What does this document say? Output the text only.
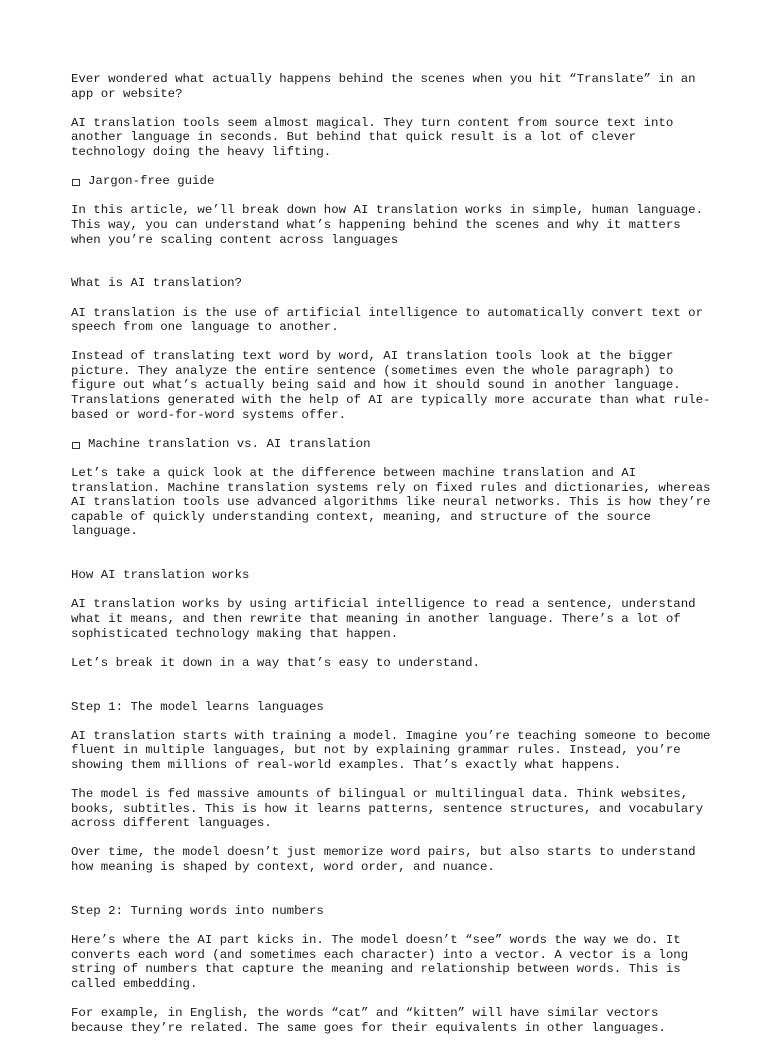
Ever wondered what actually happens behind the scenes when you hit “Translate” in an app or website?

AI translation tools seem almost magical. They turn content from source text into another language in seconds. But behind that quick result is a lot of clever technology doing the heavy lifting.

Jargon-free guide

In this article, we’ll break down how AI translation works in simple, human language. This way, you can understand what’s happening behind the scenes and why it matters when you’re scaling content across languages

What is AI translation?

AI translation is the use of artificial intelligence to automatically convert text or speech from one language to another.

Instead of translating text word by word, AI translation tools look at the bigger picture. They analyze the entire sentence (sometimes even the whole paragraph) to figure out what’s actually being said and how it should sound in another language. Translations generated with the help of AI are typically more accurate than what rule-based or word-for-word systems offer.

Machine translation vs. AI translation

Let’s take a quick look at the difference between machine translation and AI translation. Machine translation systems rely on fixed rules and dictionaries, whereas AI translation tools use advanced algorithms like neural networks. This is how they’re capable of quickly understanding context, meaning, and structure of the source language.

How AI translation works

AI translation works by using artificial intelligence to read a sentence, understand what it means, and then rewrite that meaning in another language. There’s a lot of sophisticated technology making that happen.

Let’s break it down in a way that’s easy to understand.

Step 1: The model learns languages

AI translation starts with training a model. Imagine you’re teaching someone to become fluent in multiple languages, but not by explaining grammar rules. Instead, you’re showing them millions of real-world examples. That’s exactly what happens.

The model is fed massive amounts of bilingual or multilingual data. Think websites, books, subtitles. This is how it learns patterns, sentence structures, and vocabulary across different languages.

Over time, the model doesn’t just memorize word pairs, but also starts to understand how meaning is shaped by context, word order, and nuance.

Step 2: Turning words into numbers

Here’s where the AI part kicks in. The model doesn’t “see” words the way we do. It converts each word (and sometimes each character) into a vector. A vector is a long string of numbers that capture the meaning and relationship between words. This is called embedding.

For example, in English, the words “cat” and “kitten” will have similar vectors because they’re related. The same goes for their equivalents in other languages.
